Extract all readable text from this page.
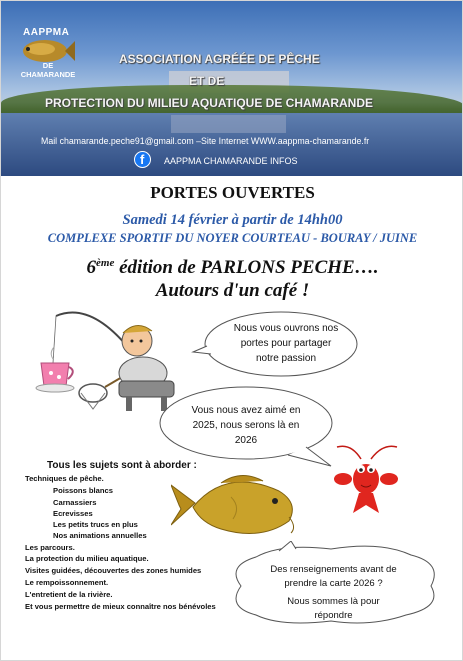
AAPPMA
DE CHAMARANDE
ASSOCIATION AGRÉÉE DE PÊCHE
ET DE
PROTECTION DU MILIEU AQUATIQUE DE CHAMARANDE
Mail chamarande.peche91@gmail.com –Site Internet WWW.aappma-chamarande.fr
f AAPPMA CHAMARANDE INFOS
PORTES OUVERTES
Samedi 14 février à partir de 14hh00
COMPLEXE SPORTIF DU NOYER COURTEAU - BOURAY / JUINE
6ème édition de PARLONS PECHE….
Autours d'un café !
Nous vous ouvrons nos
portes pour partager
notre passion
Vous nous avez aimé en
2025, nous serons là en
2026
Des renseignements avant de
prendre la carte 2026 ?
Nous sommes là pour
répondre
Tous les sujets sont à aborder :
Techniques de pêche.
Poissons blancs
Carnassiers
Ecrevisses
Les petits trucs en plus
Nos animations annuelles
Les parcours.
La protection du milieu aquatique.
Visites guidées, découvertes des zones humides
Le rempoissonnement.
L'entretient de la rivière.
Et vous permettre de mieux connaître nos bénévoles
